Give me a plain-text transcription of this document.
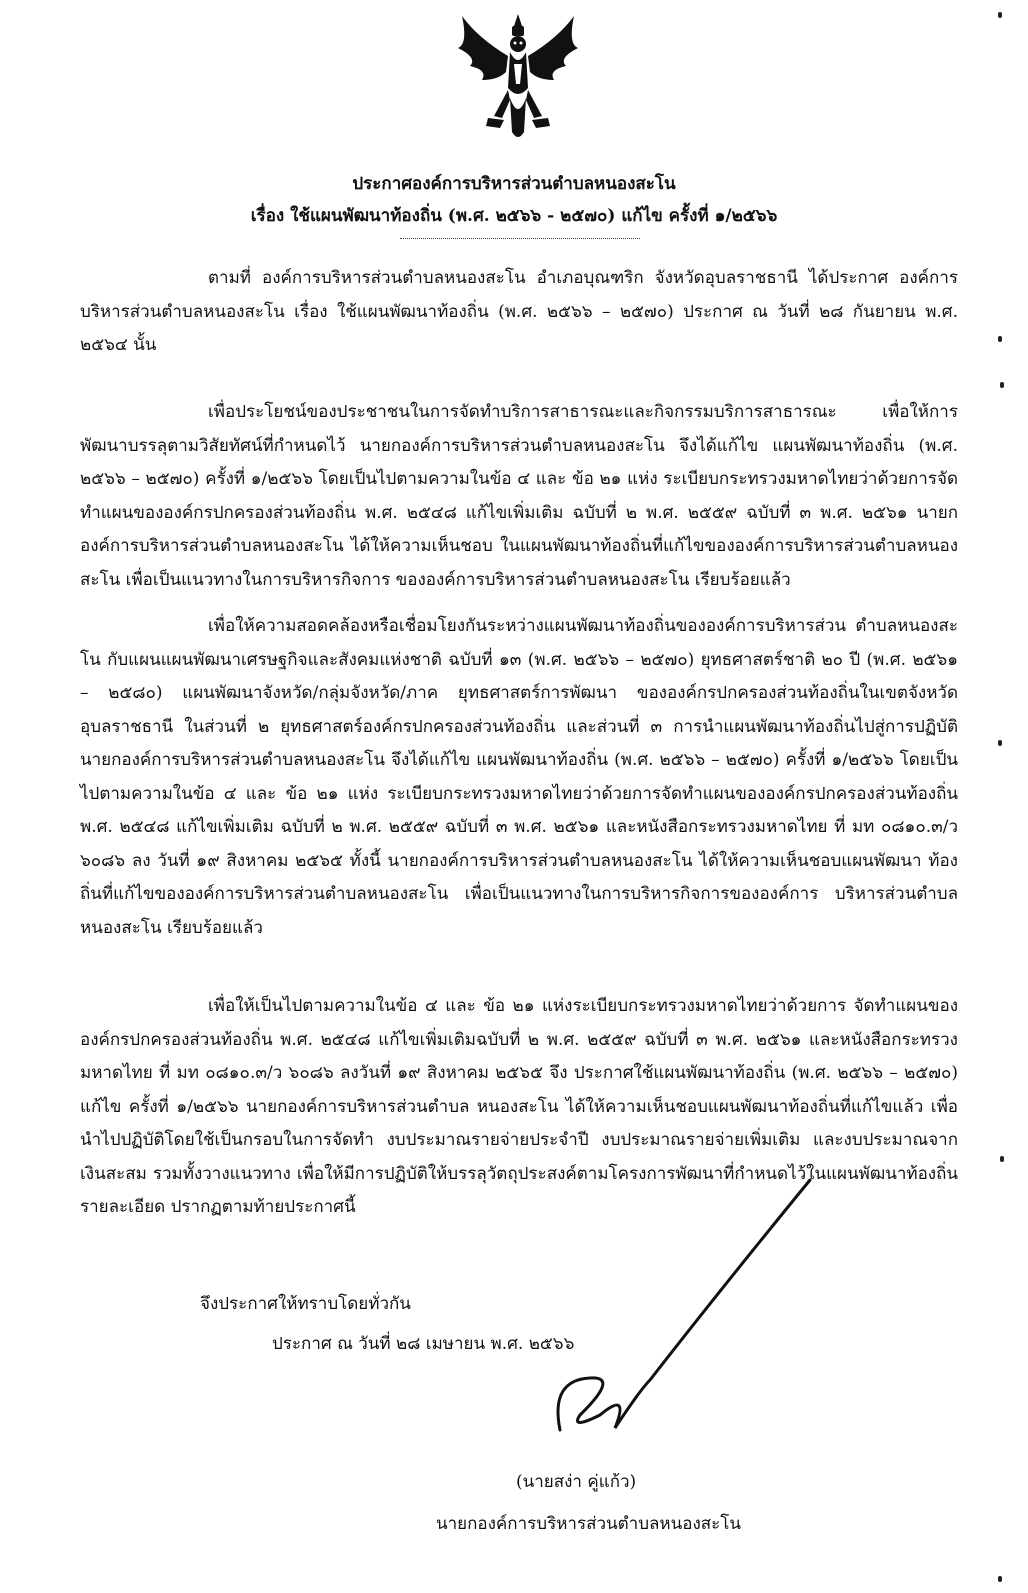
ประกาศองค์การบริหารส่วนตำบลหนองสะโน
เรื่อง ใช้แผนพัฒนาท้องถิ่น (พ.ศ. ๒๕๖๖ - ๒๕๗๐) แก้ไข ครั้งที่ ๑/๒๕๖๖
ตามที่ องค์การบริหารส่วนตำบลหนองสะโน อำเภอบุณฑริก จังหวัดอุบลราชธานี ได้ประกาศ องค์การบริหารส่วนตำบลหนองสะโน เรื่อง ใช้แผนพัฒนาท้องถิ่น (พ.ศ. ๒๕๖๖ – ๒๕๗๐) ประกาศ ณ วันที่ ๒๘ กันยายน พ.ศ. ๒๕๖๔ นั้น
เพื่อประโยชน์ของประชาชนในการจัดทำบริการสาธารณะและกิจกรรมบริการสาธารณะ เพื่อให้การพัฒนาบรรลุตามวิสัยทัศน์ที่กำหนดไว้ นายกองค์การบริหารส่วนตำบลหนองสะโน จึงได้แก้ไข แผนพัฒนาท้องถิ่น (พ.ศ. ๒๕๖๖ – ๒๕๗๐) ครั้งที่ ๑/๒๕๖๖ โดยเป็นไปตามความในข้อ ๔ และ ข้อ ๒๑ แห่ง ระเบียบกระทรวงมหาดไทยว่าด้วยการจัดทำแผนขององค์กรปกครองส่วนท้องถิ่น พ.ศ. ๒๕๔๘ แก้ไขเพิ่มเติม ฉบับที่ ๒ พ.ศ. ๒๕๕๙ ฉบับที่ ๓ พ.ศ. ๒๕๖๑ นายกองค์การบริหารส่วนตำบลหนองสะโน ได้ให้ความเห็นชอบ ในแผนพัฒนาท้องถิ่นที่แก้ไขขององค์การบริหารส่วนตำบลหนองสะโน เพื่อเป็นแนวทางในการบริหารกิจการ ขององค์การบริหารส่วนตำบลหนองสะโน เรียบร้อยแล้ว
เพื่อให้ความสอดคล้องหรือเชื่อมโยงกันระหว่างแผนพัฒนาท้องถิ่นขององค์การบริหารส่วน ตำบลหนองสะโน กับแผนแผนพัฒนาเศรษฐกิจและสังคมแห่งชาติ ฉบับที่ ๑๓ (พ.ศ. ๒๕๖๖ – ๒๕๗๐) ยุทธศาสตร์ชาติ ๒๐ ปี (พ.ศ. ๒๕๖๑ – ๒๕๘๐) แผนพัฒนาจังหวัด/กลุ่มจังหวัด/ภาค ยุทธศาสตร์การพัฒนา ขององค์กรปกครองส่วนท้องถิ่นในเขตจังหวัดอุบลราชธานี ในส่วนที่ ๒ ยุทธศาสตร์องค์กรปกครองส่วนท้องถิ่น และส่วนที่ ๓ การนำแผนพัฒนาท้องถิ่นไปสู่การปฏิบัติ นายกองค์การบริหารส่วนตำบลหนองสะโน จึงได้แก้ไข แผนพัฒนาท้องถิ่น (พ.ศ. ๒๕๖๖ – ๒๕๗๐) ครั้งที่ ๑/๒๕๖๖ โดยเป็นไปตามความในข้อ ๔ และ ข้อ ๒๑ แห่ง ระเบียบกระทรวงมหาดไทยว่าด้วยการจัดทำแผนขององค์กรปกครองส่วนท้องถิ่น พ.ศ. ๒๕๔๘ แก้ไขเพิ่มเติม ฉบับที่ ๒ พ.ศ. ๒๕๕๙ ฉบับที่ ๓ พ.ศ. ๒๕๖๑ และหนังสือกระทรวงมหาดไทย ที่ มท ๐๘๑๐.๓/ว ๖๐๘๖ ลง วันที่ ๑๙ สิงหาคม ๒๕๖๕ ทั้งนี้ นายกองค์การบริหารส่วนตำบลหนองสะโน ได้ให้ความเห็นชอบแผนพัฒนา ท้องถิ่นที่แก้ไขขององค์การบริหารส่วนตำบลหนองสะโน เพื่อเป็นแนวทางในการบริหารกิจการขององค์การ บริหารส่วนตำบลหนองสะโน เรียบร้อยแล้ว
เพื่อให้เป็นไปตามความในข้อ ๔ และ ข้อ ๒๑ แห่งระเบียบกระทรวงมหาดไทยว่าด้วยการ จัดทำแผนขององค์กรปกครองส่วนท้องถิ่น พ.ศ. ๒๕๔๘ แก้ไขเพิ่มเติมฉบับที่ ๒ พ.ศ. ๒๕๕๙ ฉบับที่ ๓ พ.ศ. ๒๕๖๑ และหนังสือกระทรวงมหาดไทย ที่ มท ๐๘๑๐.๓/ว ๖๐๘๖ ลงวันที่ ๑๙ สิงหาคม ๒๕๖๕ จึง ประกาศใช้แผนพัฒนาท้องถิ่น (พ.ศ. ๒๕๖๖ – ๒๕๗๐) แก้ไข ครั้งที่ ๑/๒๕๖๖ นายกองค์การบริหารส่วนตำบล หนองสะโน ได้ให้ความเห็นชอบแผนพัฒนาท้องถิ่นที่แก้ไขแล้ว เพื่อนำไปปฏิบัติโดยใช้เป็นกรอบในการจัดทำ งบประมาณรายจ่ายประจำปี งบประมาณรายจ่ายเพิ่มเติม และงบประมาณจากเงินสะสม รวมทั้งวางแนวทาง เพื่อให้มีการปฏิบัติให้บรรลุวัตถุประสงค์ตามโครงการพัฒนาที่กำหนดไว้ในแผนพัฒนาท้องถิ่น รายละเอียด ปรากฏตามท้ายประกาศนี้
จึงประกาศให้ทราบโดยทั่วกัน
ประกาศ ณ วันที่ ๒๘ เมษายน พ.ศ. ๒๕๖๖
(นายสง่า คู่แก้ว)
นายกองค์การบริหารส่วนตำบลหนองสะโน
